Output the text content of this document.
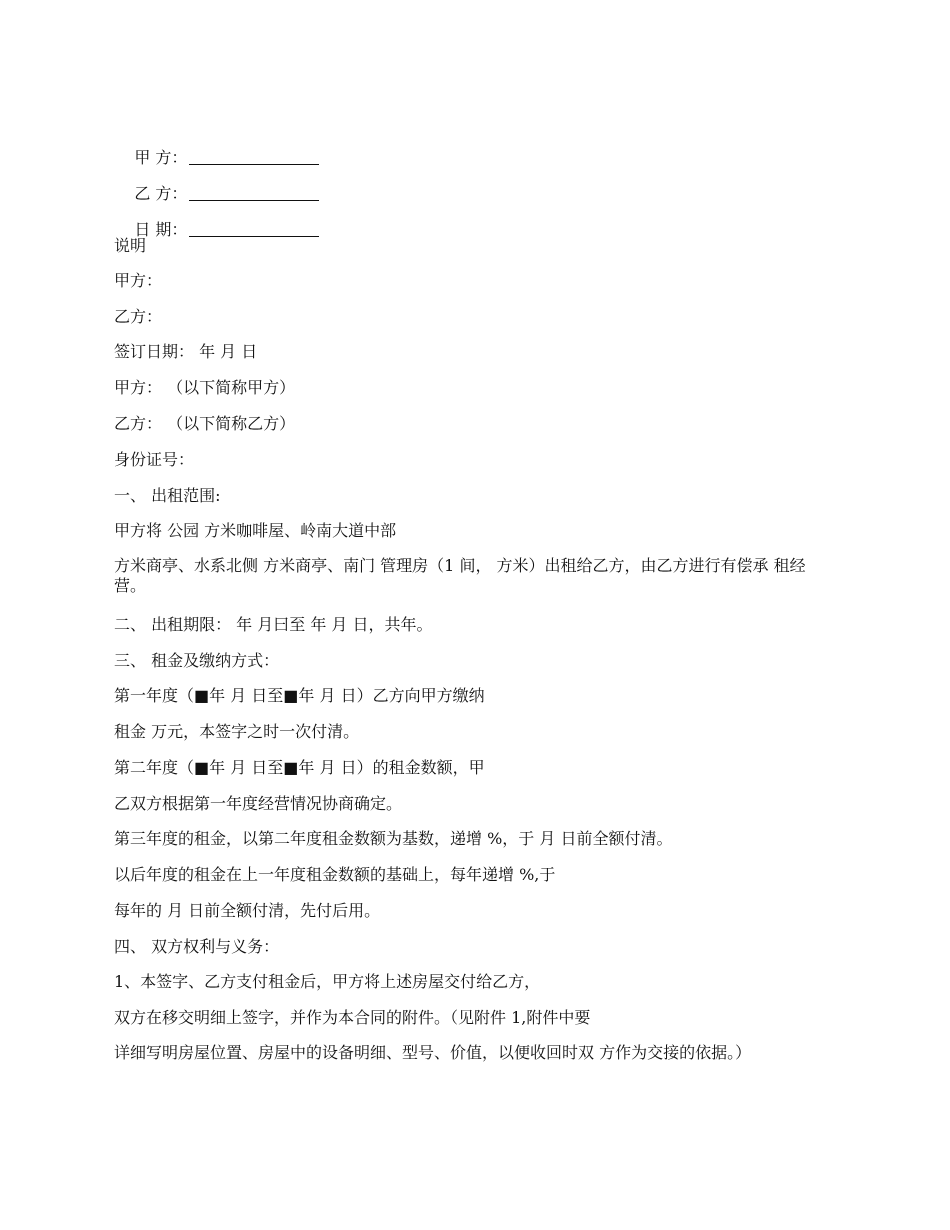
甲 方：

乙 方：

日 期：

说明
甲方：
乙方：
签订日期： 年 月 日
甲方： （以下简称甲方）
乙方： （以下简称乙方）
身份证号：
一、 出租范围:
甲方将 公园 方米咖啡屋、岭南大道中部
方米商亭、水系北侧 方米商亭、南门 管理房（1 间， 方米）出租给乙方，由乙方进行有偿承 租经营。
二、 出租期限： 年 月曰至 年 月 日，共年。
三、 租金及缴纳方式：
第一年度（■年 月 日至■年 月 日）乙方向甲方缴纳
租金 万元，本签字之时一次付清。
第二年度（■年 月 日至■年 月 日）的租金数额，甲
乙双方根据第一年度经营情况协商确定。
第三年度的租金，以第二年度租金数额为基数，递增 %，于 月 日前全额付清。
以后年度的租金在上一年度租金数额的基础上，每年递增 %,于
每年的 月 日前全额付清，先付后用。
四、 双方权利与义务：
1、本签字、乙方支付租金后，甲方将上述房屋交付给乙方，
双方在移交明细上签字，并作为本合同的附件。（见附件 1,附件中要
详细写明房屋位置、房屋中的设备明细、型号、价值，以便收回时双 方作为交接的依据。）
